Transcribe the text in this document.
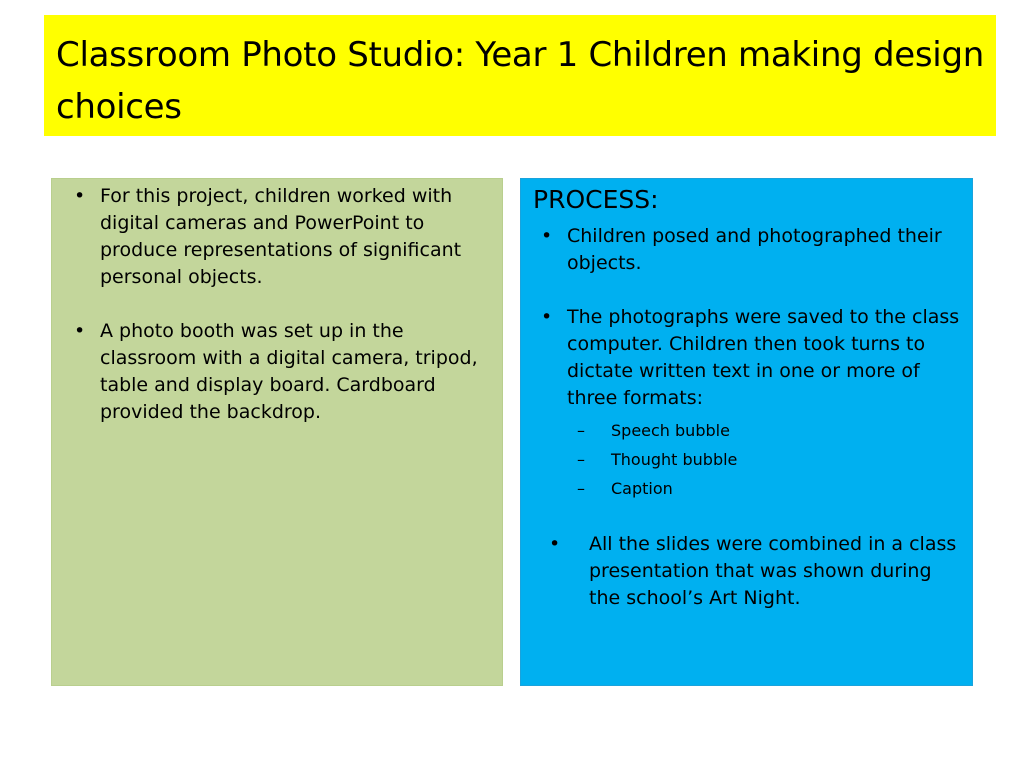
Classroom Photo Studio: Year 1 Children making design choices
• For this project, children worked with digital cameras and PowerPoint to produce representations of significant personal objects.
• A photo booth was set up in the classroom with a digital camera, tripod, table and display board. Cardboard provided the backdrop.
PROCESS:
• Children posed and photographed their objects.
• The photographs were saved to the class computer. Children then took turns to dictate written text in one or more of three formats:
– Speech bubble
– Thought bubble
– Caption
• All the slides were combined in a class presentation that was shown during the school’s Art Night.
